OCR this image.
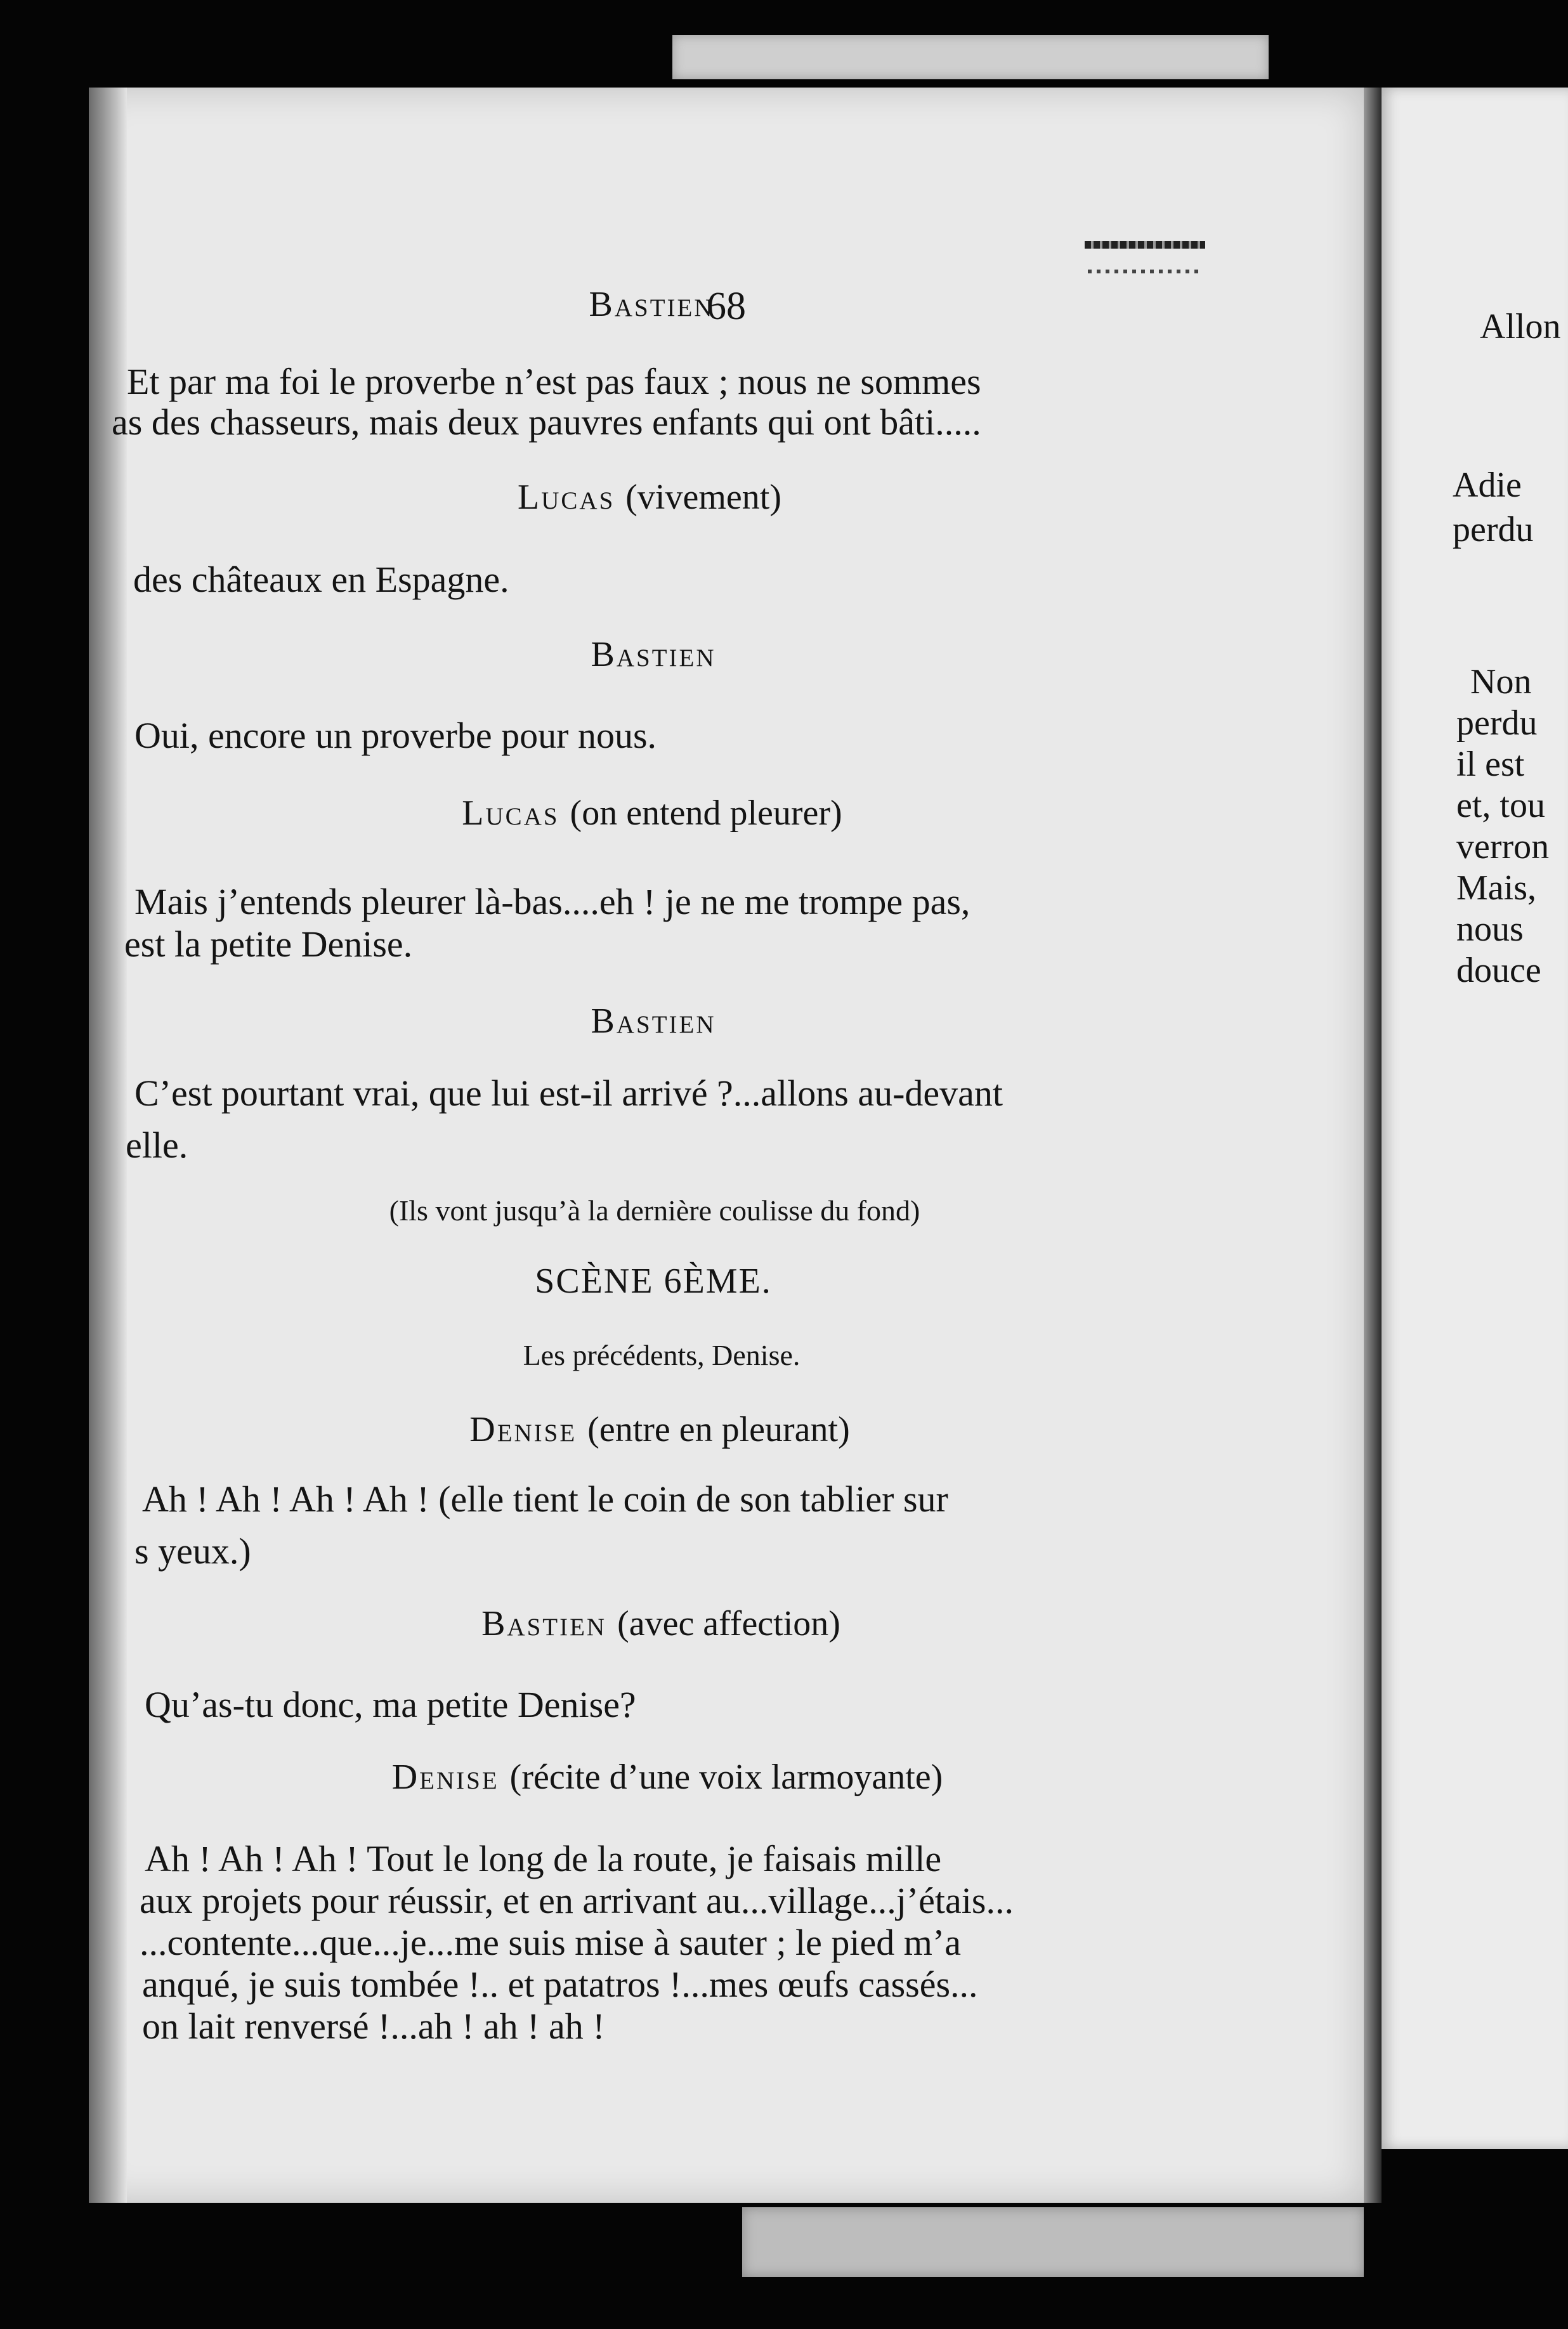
68	Allon
Adie
perdu
Non
perdu
il est
et, tou
verron
Mais,
nous
douce
Bastien
Et par ma foi le proverbe n’est pas faux ; nous ne sommes
as des chasseurs, mais deux pauvres enfants qui ont bâti.....
Lucas (vivement)
des châteaux en Espagne.
Bastien
Oui, encore un proverbe pour nous.
Lucas (on entend pleurer)
Mais j’entends pleurer là-bas....eh ! je ne me trompe pas,
est la petite Denise.
Bastien
C’est pourtant vrai, que lui est-il arrivé ?...allons au-devant
elle.
(Ils vont jusqu’à la dernière coulisse du fond)
SCÈNE 6ÈME.
Les précédents, Denise.
Denise (entre en pleurant)
Ah ! Ah ! Ah ! Ah ! (elle tient le coin de son tablier sur
s yeux.)
Bastien (avec affection)
Qu’as-tu donc, ma petite Denise?
Denise (récite d’une voix larmoyante)
Ah ! Ah ! Ah ! Tout le long de la route, je faisais mille
aux projets pour réussir, et en arrivant au...village...j’étais...
...contente...que...je...me suis mise à sauter ; le pied m’a
anqué, je suis tombée !.. et patatros !...mes œufs cassés...
on lait renversé !...ah ! ah ! ah !
